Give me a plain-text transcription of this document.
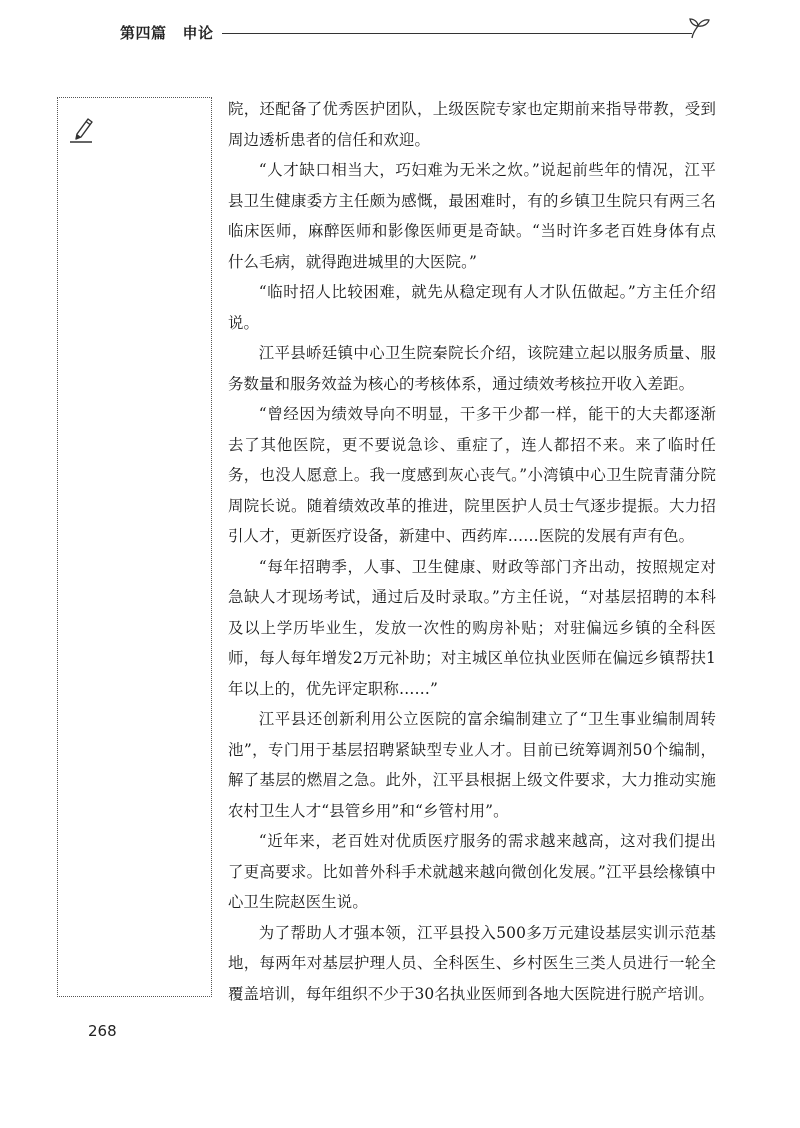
第四篇 申论

院，还配备了优秀医护团队，上级医院专家也定期前来指导带教，受到周边透析患者的信任和欢迎。

“人才缺口相当大，巧妇难为无米之炊。”说起前些年的情况，江平县卫生健康委方主任颇为感慨，最困难时，有的乡镇卫生院只有两三名临床医师，麻醉医师和影像医师更是奇缺。“当时许多老百姓身体有点什么毛病，就得跑进城里的大医院。”

“临时招人比较困难，就先从稳定现有人才队伍做起。”方主任介绍说。

江平县峤廷镇中心卫生院秦院长介绍，该院建立起以服务质量、服务数量和服务效益为核心的考核体系，通过绩效考核拉开收入差距。

“曾经因为绩效导向不明显，干多干少都一样，能干的大夫都逐渐去了其他医院，更不要说急诊、重症了，连人都招不来。来了临时任务，也没人愿意上。我一度感到灰心丧气。”小湾镇中心卫生院青蒲分院周院长说。随着绩效改革的推进，院里医护人员士气逐步提振。大力招引人才，更新医疗设备，新建中、西药库……医院的发展有声有色。

“每年招聘季，人事、卫生健康、财政等部门齐出动，按照规定对急缺人才现场考试，通过后及时录取。”方主任说，“对基层招聘的本科及以上学历毕业生，发放一次性的购房补贴；对驻偏远乡镇的全科医师，每人每年增发2万元补助；对主城区单位执业医师在偏远乡镇帮扶1年以上的，优先评定职称……”

江平县还创新利用公立医院的富余编制建立了“卫生事业编制周转池”，专门用于基层招聘紧缺型专业人才。目前已统筹调剂50个编制，解了基层的燃眉之急。此外，江平县根据上级文件要求，大力推动实施农村卫生人才“县管乡用”和“乡管村用”。

“近年来，老百姓对优质医疗服务的需求越来越高，这对我们提出了更高要求。比如普外科手术就越来越向微创化发展。”江平县绘椽镇中心卫生院赵医生说。

为了帮助人才强本领，江平县投入500多万元建设基层实训示范基地，每两年对基层护理人员、全科医生、乡村医生三类人员进行一轮全覆盖培训，每年组织不少于30名执业医师到各地大医院进行脱产培训。

268
